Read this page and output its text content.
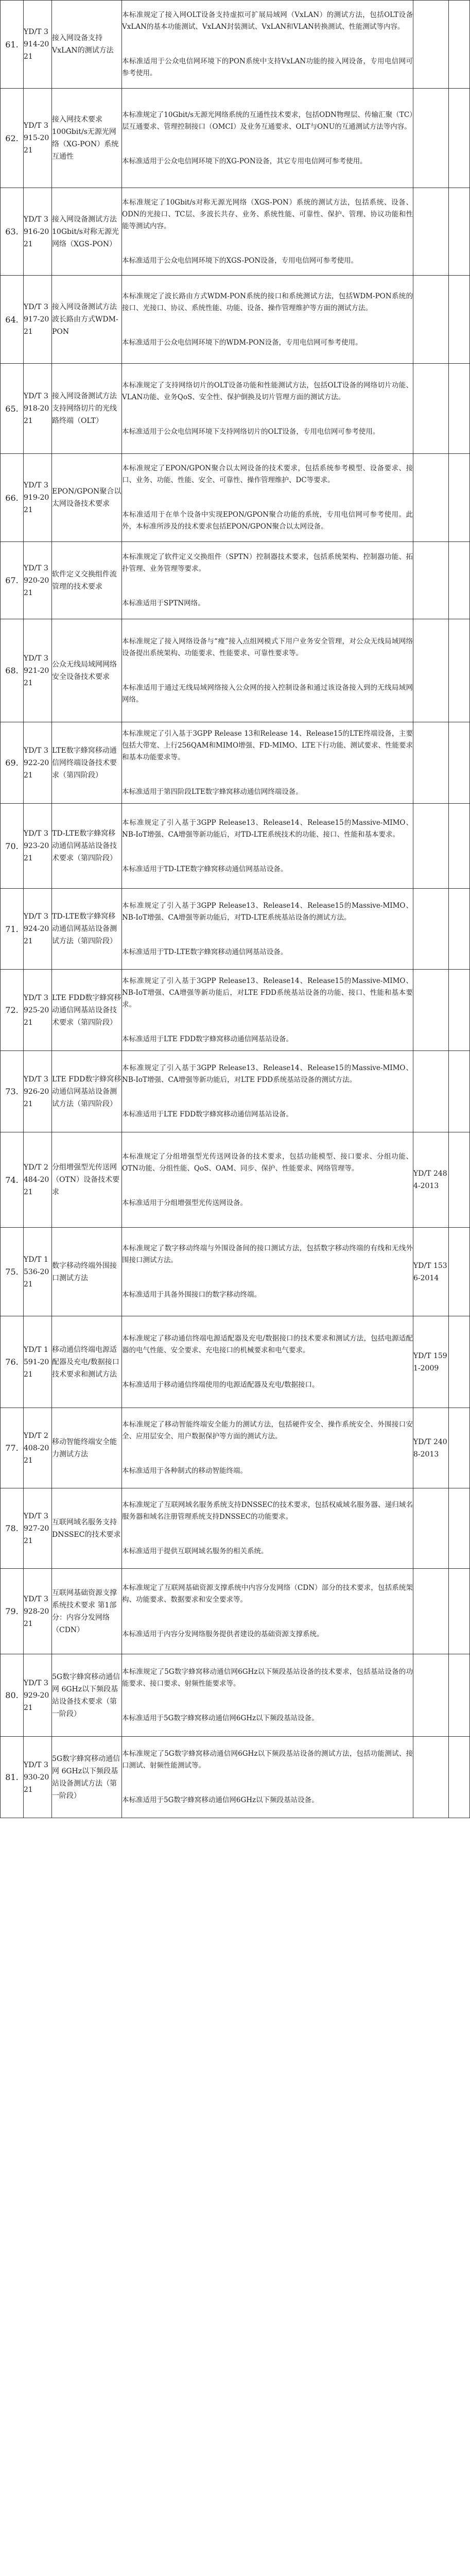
61.	YD/T 3914-2021	接入网设备支持VxLAN的测试方法	本标准规定了接入网OLT设备支持虚拟可扩展局域网（VxLAN）的测试方法，包括OLT设备VxLAN的基本功能测试、VxLAN封装测试、VxLAN和VLAN转换测试、性能测试等内容。

本标准适用于公众电信网环境下的PON系统中支持VxLAN功能的接入网设备，专用电信网可参考使用。		

62.	YD/T 3915-2021	接入网技术要求 100Gbit/s无源光网络（XG-PON）系统互通性	本标准规定了10Gbit/s无源光网络系统的互通性技术要求，包括ODN物理层、传输汇聚（TC）层互通要求、管理控制接口（OMCI）及业务互通要求、OLT与ONU的互通测试方法等内容。

本标准适用于公众电信网环境下的XG-PON设备，其它专用电信网可参考使用。		

63.	YD/T 3916-2021	接入网设备测试方法 10Gbit/s对称无源光网络（XGS-PON）	本标准规定了10Gbit/s对称无源光网络（XGS-PON）系统的测试方法，包括系统、设备、ODN的光接口、TC层、多波长共存、业务、系统性能、可靠性、保护、管理、协议功能和性能等测试内容。

本标准适用于公众电信网环境下的XGS-PON设备，专用电信网可参考使用。		

64.	YD/T 3917-2021	接入网设备测试方法 波长路由方式WDM-PON	本标准规定了波长路由方式WDM-PON系统的接口和系统测试方法，包括WDM-PON系统的接口、光接口、协议、系统性能、功能、设备、操作管理维护等方面的测试方法。

本标准适用于公众电信网环境下的WDM-PON设备，专用电信网可参考使用。		

65.	YD/T 3918-2021	接入网设备测试方法 支持网络切片的光线路终端（OLT）	本标准规定了支持网络切片的OLT设备功能和性能测试方法，包括OLT设备的网络切片功能、VLAN功能、业务QoS、安全性、保护倒换及切片管理方面的测试方法。

本标准适用于公众电信网环境下支持网络切片的OLT设备，专用电信网可参考使用。		

66.	YD/T 3919-2021	EPON/GPON聚合以太网设备技术要求	本标准规定了EPON/GPON聚合以太网设备的技术要求，包括系统参考模型、设备要求、接口、业务、功能、性能、安全、可靠性、操作管理维护、DC等要求。

本标准适用于在单个设备中实现EPON/GPON聚合功能的系统，专用电信网可参考使用。此外，本标准所涉及的技术要求包括EPON/GPON聚合以太网设备。		

67.	YD/T 3920-2021	软件定义交换组件流管理的技术要求	本标准规定了软件定义交换组件（SPTN）控制器技术要求，包括系统架构、控制器功能、拓扑管理、业务管理等要求。

本标准适用于SPTN网络。		

68.	YD/T 3921-2021	公众无线局域网网络安全设备技术要求	本标准规定了接入网络设备与“瘦”接入点组网模式下用户业务安全管理，对公众无线局域网络设备提出系统架构、功能要求、性能要求、可靠性要求等。

本标准适用于通过无线局域网络接入公众网的接入控制设备和通过该设备接入到的无线局域网网络。		

69.	YD/T 3922-2021	LTE数字蜂窝移动通信网终端设备技术要求（第四阶段）	本标准规定了引入基于3GPP Release 13和Release 14、Release15的LTE终端设备，主要包括大带宽、上行256QAM和MIMO增强、FD-MIMO、LTE下行功能、测试要求、性能要求和基本功能要求等。

本标准适用于第四阶段LTE数字蜂窝移动通信网终端设备。		

70.	YD/T 3923-2021	TD-LTE数字蜂窝移动通信网基站设备技术要求（第四阶段）	本标准规定了引入基于3GPP Release13、Release14、Release15的Massive-MIMO、NB-IoT增强、CA增强等新功能后，对TD-LTE系统技术的功能、接口、性能和基本要求。

本标准适用于TD-LTE数字蜂窝移动通信网基站设备。		

71.	YD/T 3924-2021	TD-LTE数字蜂窝移动通信网基站设备测试方法（第四阶段）	本标准规定了引入基于3GPP Release13、Release14、Release15的Massive-MIMO、NB-IoT增强、CA增强等新功能后，对TD-LTE系统基站设备的测试方法。

本标准适用于TD-LTE数字蜂窝移动通信网基站设备。		

72.	YD/T 3925-2021	LTE FDD数字蜂窝移动通信网基站设备技术要求（第四阶段）	本标准规定了引入基于3GPP Release13、Release14、Release15的Massive-MIMO、NB-IoT增强、CA增强等新功能后，对LTE FDD系统基站设备的功能、接口、性能和基本要求。

本标准适用于LTE FDD数字蜂窝移动通信网基站设备。		

73.	YD/T 3926-2021	LTE FDD数字蜂窝移动通信网基站设备测试方法（第四阶段）	本标准规定了引入基于3GPP Release13、Release14、Release15的Massive-MIMO、NB-IoT增强、CA增强等新功能后，对LTE FDD系统基站设备的测试方法。

本标准适用于LTE FDD数字蜂窝移动通信网基站设备。		

74.	YD/T 2484-2021	分组增强型光传送网（OTN）设备技术要求	本标准规定了分组增强型光传送网设备的技术要求，包括功能模型、接口要求、分组功能、OTN功能、分组性能、QoS、OAM、同步、保护、性能要求、网络管理等。

本标准适用于分组增强型光传送网设备。	YD/T 2484-2013	
75.	YD/T 1536-2021	数字移动终端外围接口测试方法	本标准规定了数字移动终端与外围设备间的接口测试方法，包括数字移动终端的有线和无线外围接口测试方法。

本标准适用于具备外围接口的数字移动终端。	YD/T 1536-2014	
76.	YD/T 1591-2021	移动通信终端电源适配器及充电/数据接口技术要求和测试方法	本标准规定了移动通信终端电源适配器及充电/数据接口的技术要求和测试方法，包括电源适配器的电气性能、安全要求、充电接口的机械要求和电气要求。

本标准适用于移动通信终端使用的电源适配器及充电/数据接口。	YD/T 1591-2009	
77.	YD/T 2408-2021	移动智能终端安全能力测试方法	本标准规定了移动智能终端安全能力的测试方法，包括硬件安全、操作系统安全、外围接口安全、应用层安全、用户数据保护等方面的测试方法。

本标准适用于各种制式的移动智能终端。	YD/T 2408-2013	
78.	YD/T 3927-2021	互联网域名服务支持DNSSEC的技术要求	本标准规定了互联网域名服务系统支持DNSSEC的技术要求，包括权威域名服务器、递归域名服务器和域名注册管理系统支持DNSSEC的功能要求。

本标准适用于提供互联网域名服务的相关系统。		

79.	YD/T 3928-2021	互联网基础资源支撑系统技术要求 第1部分：内容分发网络（CDN）	本标准规定了互联网基础资源支撑系统中内容分发网络（CDN）部分的技术要求，包括系统架构、功能要求、数据要求和安全要求等。

本标准适用于内容分发网络服务提供者建设的基础资源支撑系统。		

80.	YD/T 3929-2021	5G数字蜂窝移动通信网 6GHz以下频段基站设备技术要求（第一阶段）	本标准规定了5G数字蜂窝移动通信网6GHz以下频段基站设备的技术要求，包括基站设备的功能要求、接口要求、射频性能要求等。

本标准适用于5G数字蜂窝移动通信网6GHz以下频段基站设备。		

81.	YD/T 3930-2021	5G数字蜂窝移动通信网 6GHz以下频段基站设备测试方法（第一阶段）	本标准规定了5G数字蜂窝移动通信网6GHz以下频段基站设备的测试方法，包括功能测试、接口测试、射频性能测试等。

本标准适用于5G数字蜂窝移动通信网6GHz以下频段基站设备。		
